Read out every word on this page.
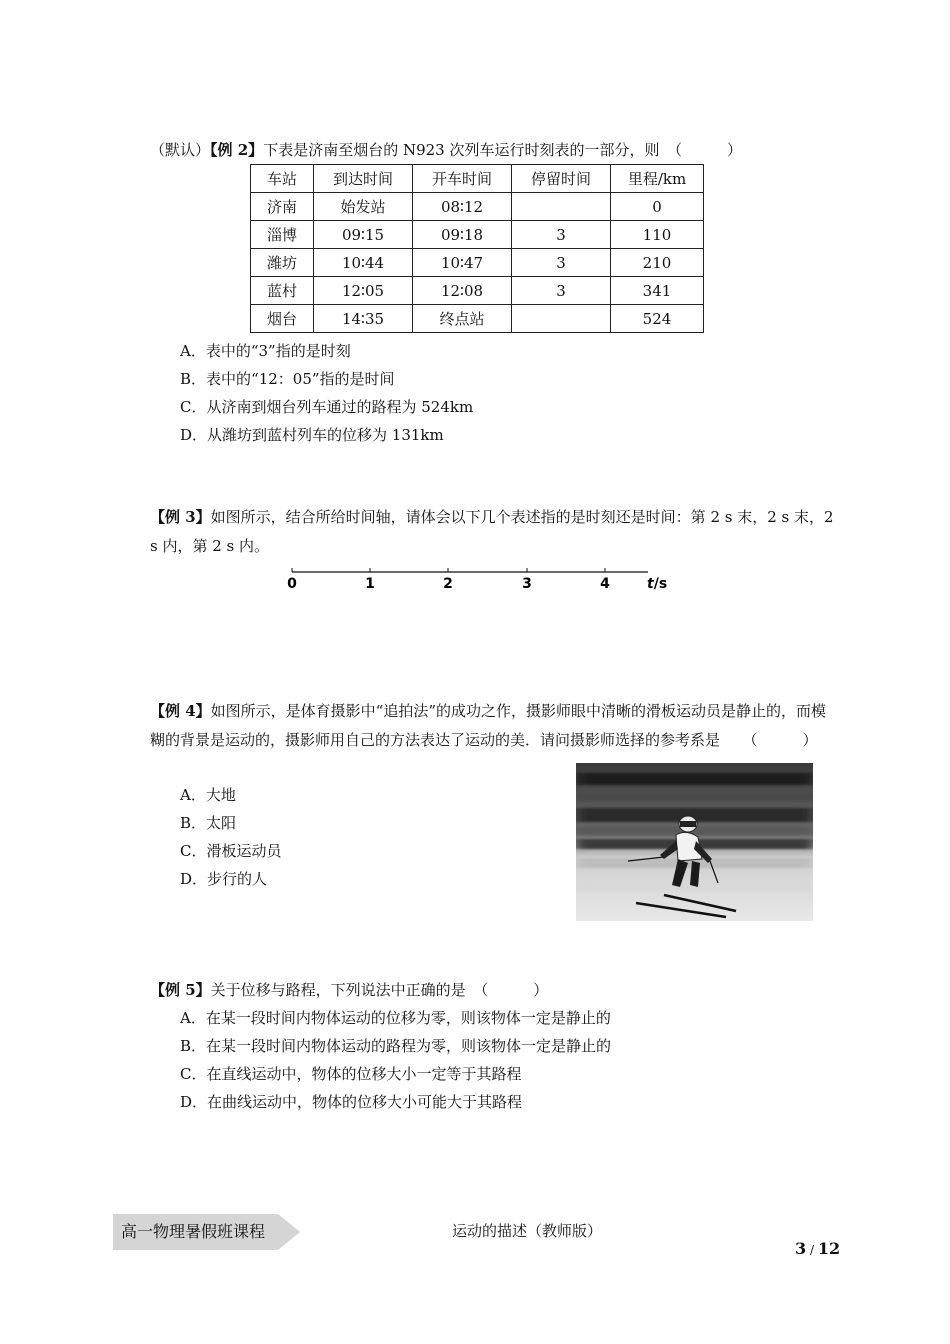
（默认）【例 2】下表是济南至烟台的 N923 次列车运行时刻表的一部分，则　 （　　　）
车站	到达时间	开车时间	停留时间	里程/km
济南	始发站	08∶12		0
淄博	09∶15	09∶18	3	110
潍坊	10∶44	10∶47	3	210
蓝村	12∶05	12∶08	3	341
烟台	14∶35	终点站		524
A．表中的“3”指的是时刻
B．表中的“12：05”指的是时间
C．从济南到烟台列车通过的路程为 524km
D．从潍坊到蓝村列车的位移为 131km
【例 3】如图所示，结合所给时间轴，请体会以下几个表述指的是时刻还是时间：第 2 s 末，2 s 末，2 s 内，第 2 s 内。
0	1	2	3	4	t/s
【例 4】如图所示，是体育摄影中“追拍法”的成功之作，摄影师眼中清晰的滑板运动员是静止的，而模糊的背景是运动的，摄影师用自己的方法表达了运动的美．请问摄影师选择的参考系是　　 （　　　）
A．大地
B．太阳
C．滑板运动员
D．步行的人
【例 5】关于位移与路程，下列说法中正确的是　 （　　　）
A．在某一段时间内物体运动的位移为零，则该物体一定是静止的
B．在某一段时间内物体运动的路程为零，则该物体一定是静止的
C．在直线运动中，物体的位移大小一定等于其路程
D．在曲线运动中，物体的位移大小可能大于其路程
高一物理暑假班课程	运动的描述（教师版）
3 / 12
